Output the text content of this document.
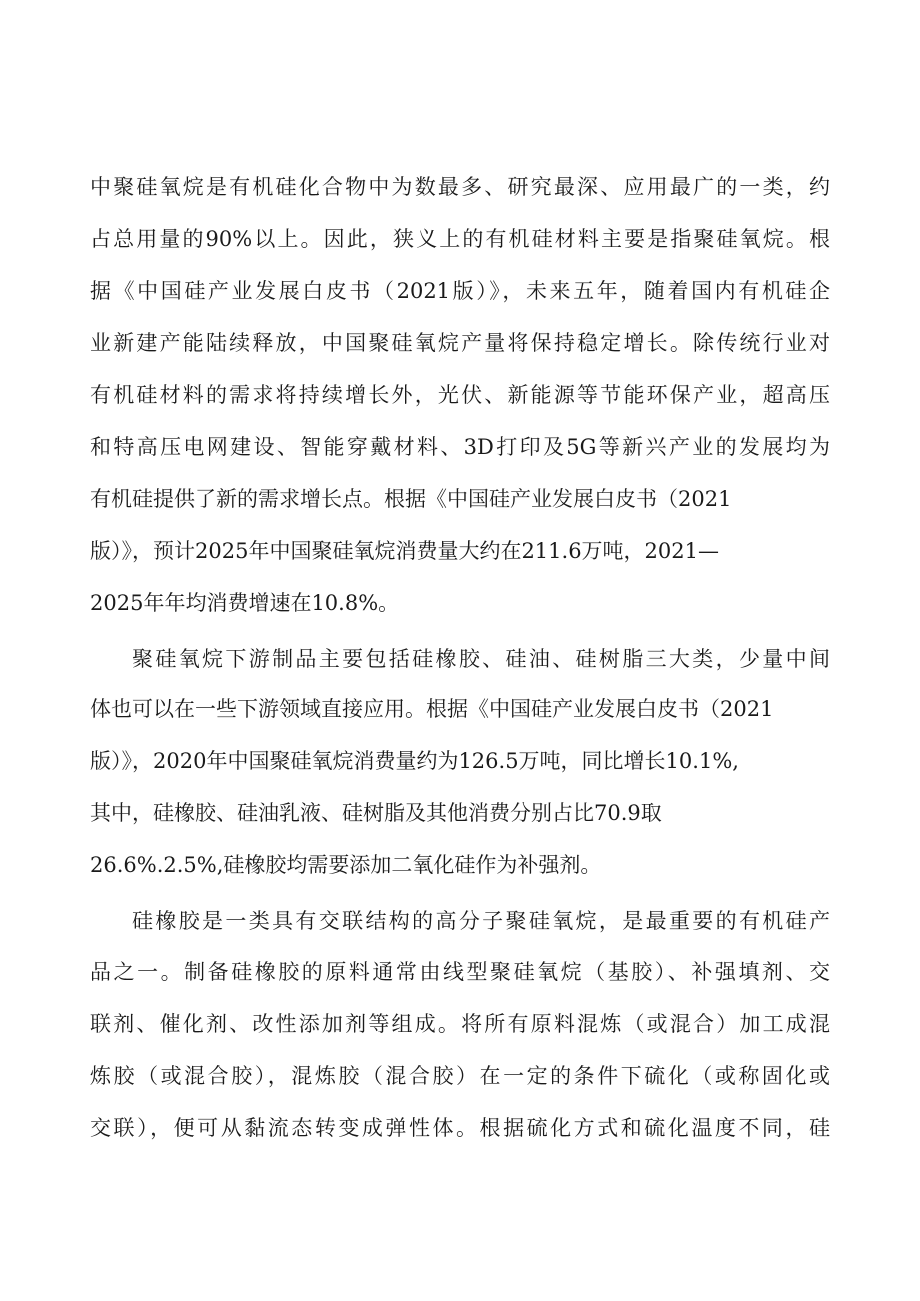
中聚硅氧烷是有机硅化合物中为数最多、研究最深、应用最广的一类，约
占总用量的90%以上。因此，狭义上的有机硅材料主要是指聚硅氧烷。根
据《中国硅产业发展白皮书（2021版）》，未来五年，随着国内有机硅企
业新建产能陆续释放，中国聚硅氧烷产量将保持稳定增长。除传统行业对
有机硅材料的需求将持续增长外，光伏、新能源等节能环保产业，超高压
和特高压电网建设、智能穿戴材料、3D打印及5G等新兴产业的发展均为
有机硅提供了新的需求增长点。根据《中国硅产业发展白皮书（2021
版）》，预计2025年中国聚硅氧烷消费量大约在211.6万吨，2021—
2025年年均消费增速在10.8%。
聚硅氧烷下游制品主要包括硅橡胶、硅油、硅树脂三大类，少量中间
体也可以在一些下游领域直接应用。根据《中国硅产业发展白皮书（2021
版）》，2020年中国聚硅氧烷消费量约为126.5万吨，同比增长10.1%,
其中，硅橡胶、硅油乳液、硅树脂及其他消费分别占比70.9取
26.6%.2.5%,硅橡胶均需要添加二氧化硅作为补强剂。
硅橡胶是一类具有交联结构的高分子聚硅氧烷，是最重要的有机硅产
品之一。制备硅橡胶的原料通常由线型聚硅氧烷（基胶）、补强填剂、交
联剂、催化剂、改性添加剂等组成。将所有原料混炼（或混合）加工成混
炼胶（或混合胶），混炼胶（混合胶）在一定的条件下硫化（或称固化或
交联），便可从黏流态转变成弹性体。根据硫化方式和硫化温度不同，硅
